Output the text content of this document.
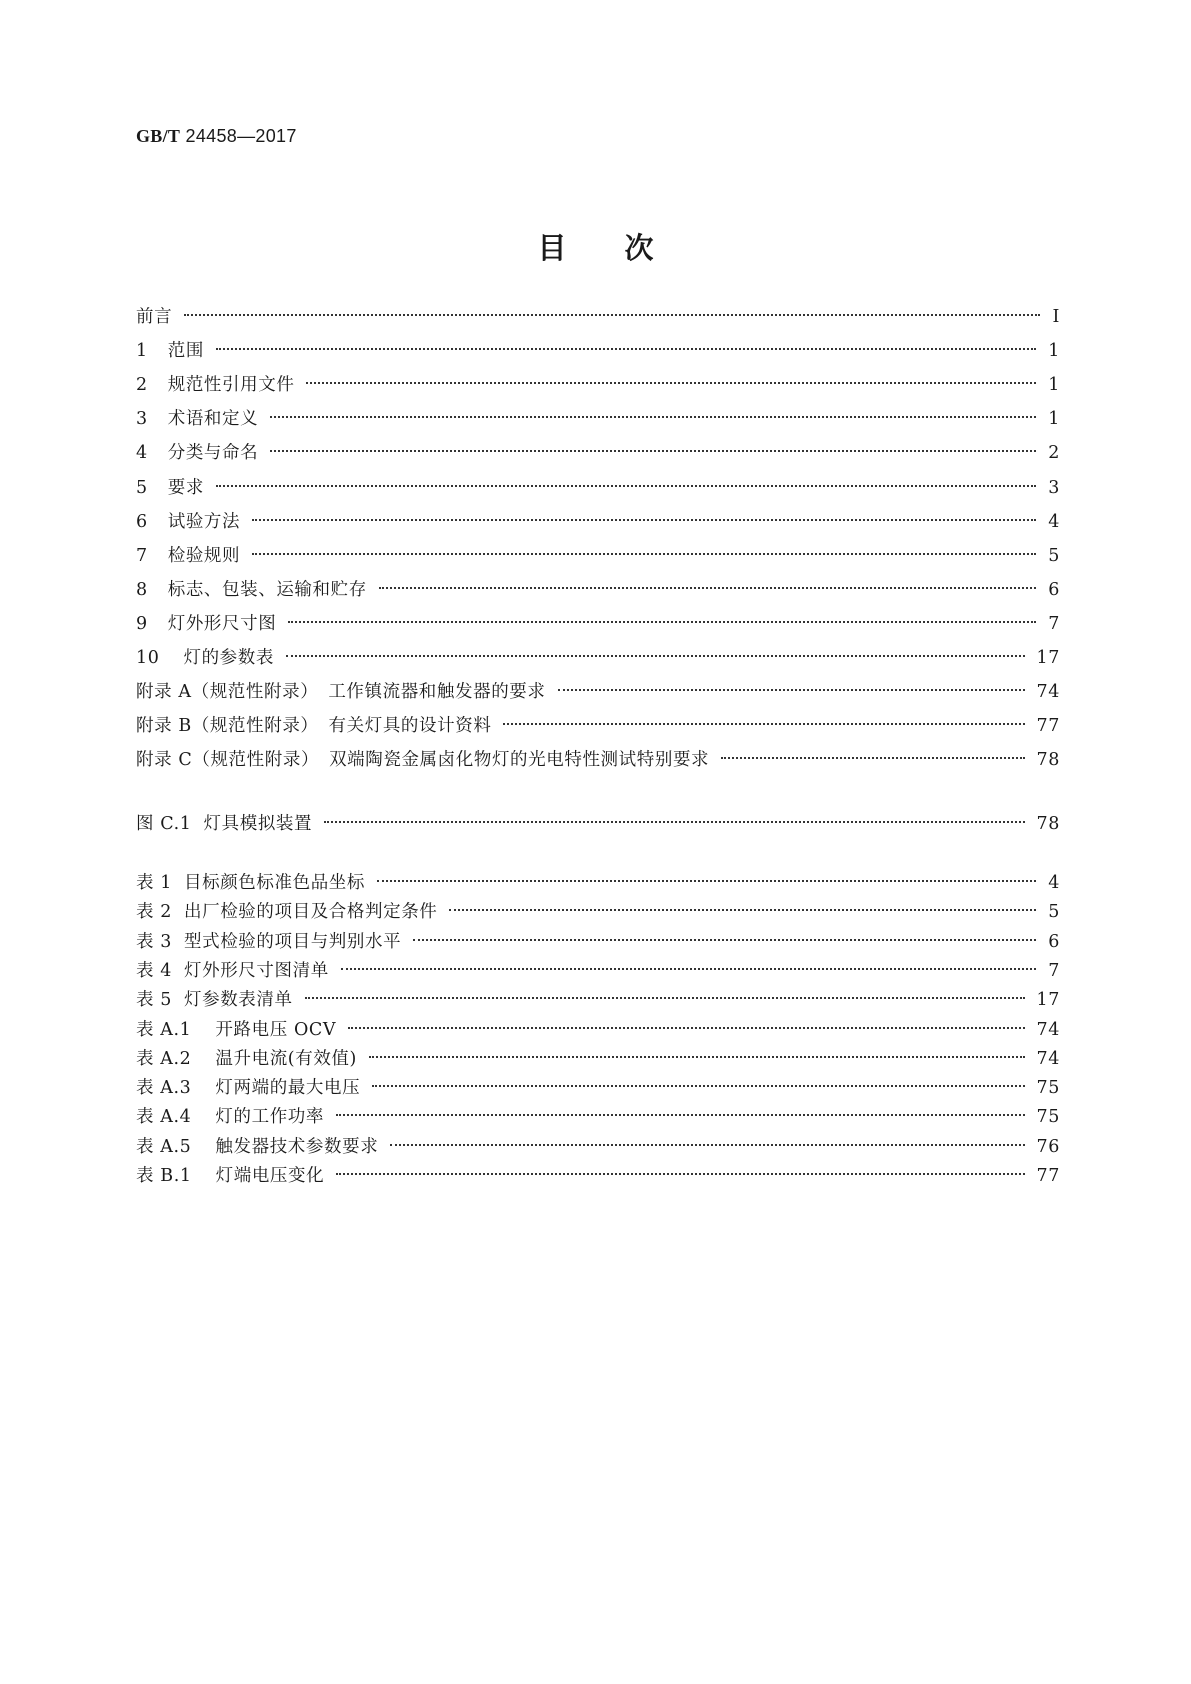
GB/T 24458—2017
目次
前言	Ⅰ
1 范围	1
2 规范性引用文件	1
3 术语和定义	1
4 分类与命名	2
5 要求	3
6 试验方法	4
7 检验规则	5
8 标志、包装、运输和贮存	6
9 灯外形尺寸图	7
10 灯的参数表	17
附录 A（规范性附录） 工作镇流器和触发器的要求	74
附录 B（规范性附录） 有关灯具的设计资料	77
附录 C（规范性附录） 双端陶瓷金属卤化物灯的光电特性测试特别要求	78
图 C.1 灯具模拟装置	78
表 1 目标颜色标准色品坐标	4
表 2 出厂检验的项目及合格判定条件	5
表 3 型式检验的项目与判别水平	6
表 4 灯外形尺寸图清单	7
表 5 灯参数表清单	17
表 A.1 开路电压 OCV	74
表 A.2 温升电流(有效值)	74
表 A.3 灯两端的最大电压	75
表 A.4 灯的工作功率	75
表 A.5 触发器技术参数要求	76
表 B.1 灯端电压变化	77
